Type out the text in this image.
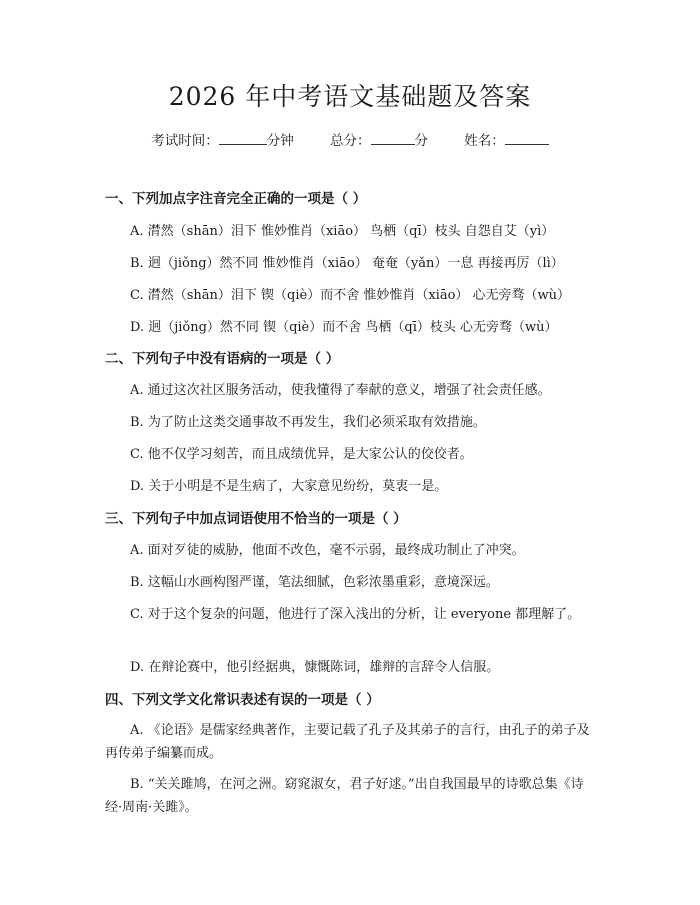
2026 年中考语文基础题及答案
考试时间：	分钟	总分：	分	姓名：
一、下列加点字注音完全正确的一项是（ ）
A. 潸然（shān）泪下 惟妙惟肖（xiāo） 鸟栖（qī）枝头 自怨自艾（yì）
B. 迥（jiǒng）然不同 惟妙惟肖（xiāo） 奄奄（yǎn）一息 再接再厉（lì）
C. 潸然（shān）泪下 锲（qiè）而不舍 惟妙惟肖（xiāo） 心无旁骛（wù）
D. 迥（jiǒng）然不同 锲（qiè）而不舍 鸟栖（qī）枝头 心无旁骛（wù）
二、下列句子中没有语病的一项是（ ）
A. 通过这次社区服务活动，使我懂得了奉献的意义，增强了社会责任感。
B. 为了防止这类交通事故不再发生，我们必须采取有效措施。
C. 他不仅学习刻苦，而且成绩优异，是大家公认的佼佼者。
D. 关于小明是不是生病了，大家意见纷纷，莫衷一是。
三、下列句子中加点词语使用不恰当的一项是（ ）
A. 面对歹徒的威胁，他面不改色，毫不示弱，最终成功制止了冲突。
B. 这幅山水画构图严谨，笔法细腻，色彩浓墨重彩，意境深远。
C. 对于这个复杂的问题，他进行了深入浅出的分析，让 everyone 都理解了。
D. 在辩论赛中，他引经据典，慷慨陈词，雄辩的言辞令人信服。
四、下列文学文化常识表述有误的一项是（ ）
A. 《论语》是儒家经典著作，主要记载了孔子及其弟子的言行，由孔子的弟子及再传弟子编纂而成。
B. “关关雎鸠，在河之洲。窈窕淑女，君子好逑。”出自我国最早的诗歌总集《诗经·周南·关雎》。
